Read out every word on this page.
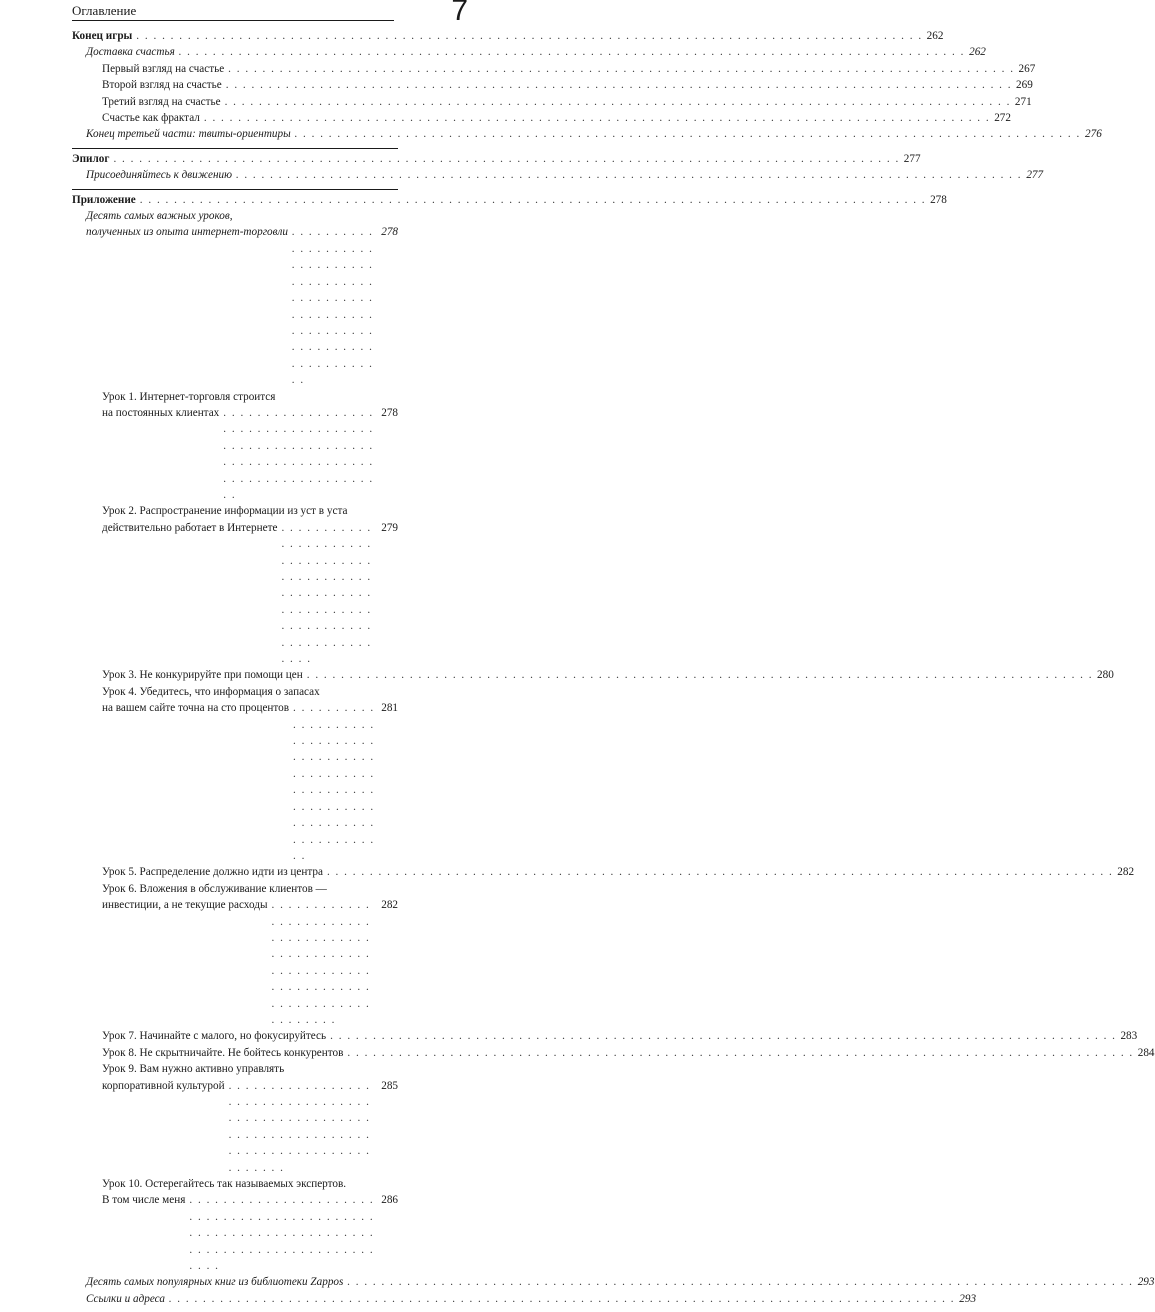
Оглавление	7
Конец игры . . .	262
Доставка счастья . . .	262
Первый взгляд на счастье . . .	267
Второй взгляд на счастье . . .	269
Третий взгляд на счастье . . .	271
Счастье как фрактал . . .	272
Конец третьей части: твиты-ориентиры . . .	276
Эпилог . . .	277
Присоединяйтесь к движению . . .	277
Приложение . . .	278
Десять самых важных уроков,
полученных из опыта интернет-торговли . . .	278
Урок 1. Интернет-торговля строится
на постоянных клиентах . . .	278
Урок 2. Распространение информации из уст в уста
действительно работает в Интернете . . .	279
Урок 3. Не конкурируйте при помощи цен . . .	280
Урок 4. Убедитесь, что информация о запасах
на вашем сайте точна на сто процентов . . .	281
Урок 5. Распределение должно идти из центра . . .	282
Урок 6. Вложения в обслуживание клиентов —
инвестиции, а не текущие расходы . . .	282
Урок 7. Начинайте с малого, но фокусируйтесь . . .	283
Урок 8. Не скрытничайте. Не бойтесь конкурентов . . .	284
Урок 9. Вам нужно активно управлять
корпоративной культурой . . .	285
Урок 10. Остерегайтесь так называемых экспертов.
В том числе меня . . .	286
Десять самых популярных книг из библиотеки Zappos . . .	293
Ссылки и адреса . . .	293
